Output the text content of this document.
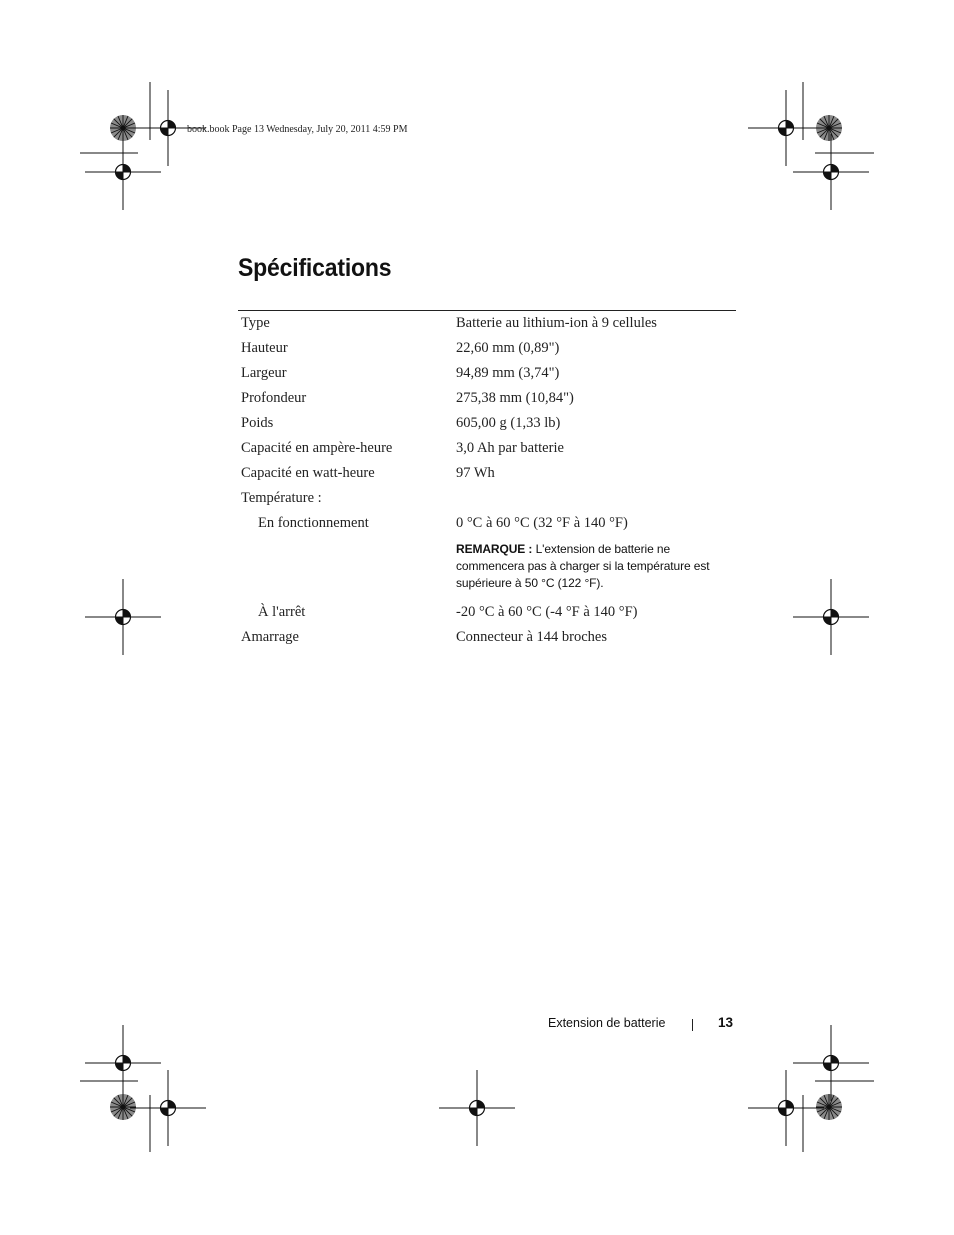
book.book Page 13 Wednesday, July 20, 2011 4:59 PM
Spécifications
Type	Batterie au lithium-ion à 9 cellules
Hauteur	22,60 mm (0,89")
Largeur	94,89 mm (3,74")
Profondeur	275,38 mm (10,84")
Poids	605,00 g (1,33 lb)
Capacité en ampère-heure	3,0 Ah par batterie
Capacité en watt-heure	97 Wh
Température :	
En fonctionnement	0 °C à 60 °C (32 °F à 140 °F)

	REMARQUE : L'extension de batterie ne commencera pas à charger si la température est supérieure à 50 °C (122 °F).

À l'arrêt	-20 °C à 60 °C (-4 °F à 140 °F)
Amarrage	Connecteur à 144 broches
Extension de batterie	13
